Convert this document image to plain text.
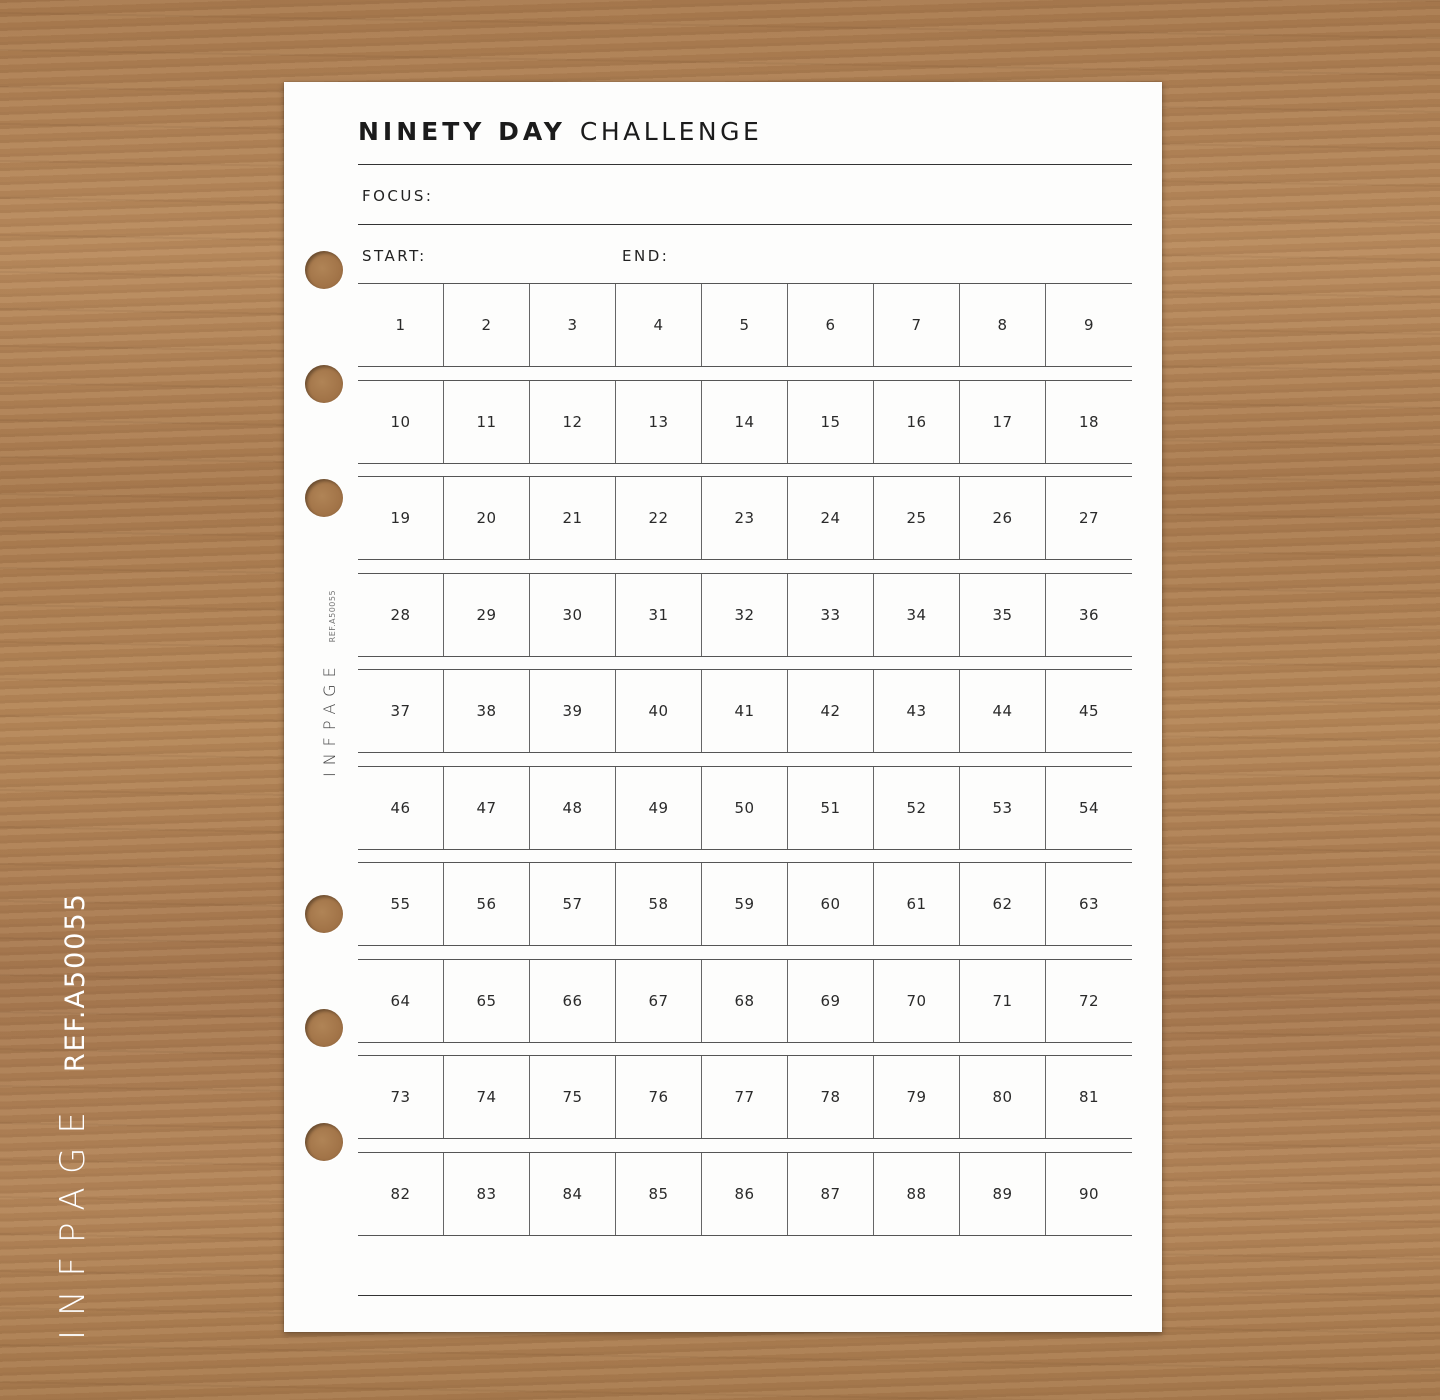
INFPAGE
REF.A50055
INFPAGE
REF.A50055
NINETY DAY CHALLENGE
FOCUS:
START:	END:
1	2	3	4	5	6	7	8	9
10	11	12	13	14	15	16	17	18
19	20	21	22	23	24	25	26	27
28	29	30	31	32	33	34	35	36
37	38	39	40	41	42	43	44	45
46	47	48	49	50	51	52	53	54
55	56	57	58	59	60	61	62	63
64	65	66	67	68	69	70	71	72
73	74	75	76	77	78	79	80	81
82	83	84	85	86	87	88	89	90
